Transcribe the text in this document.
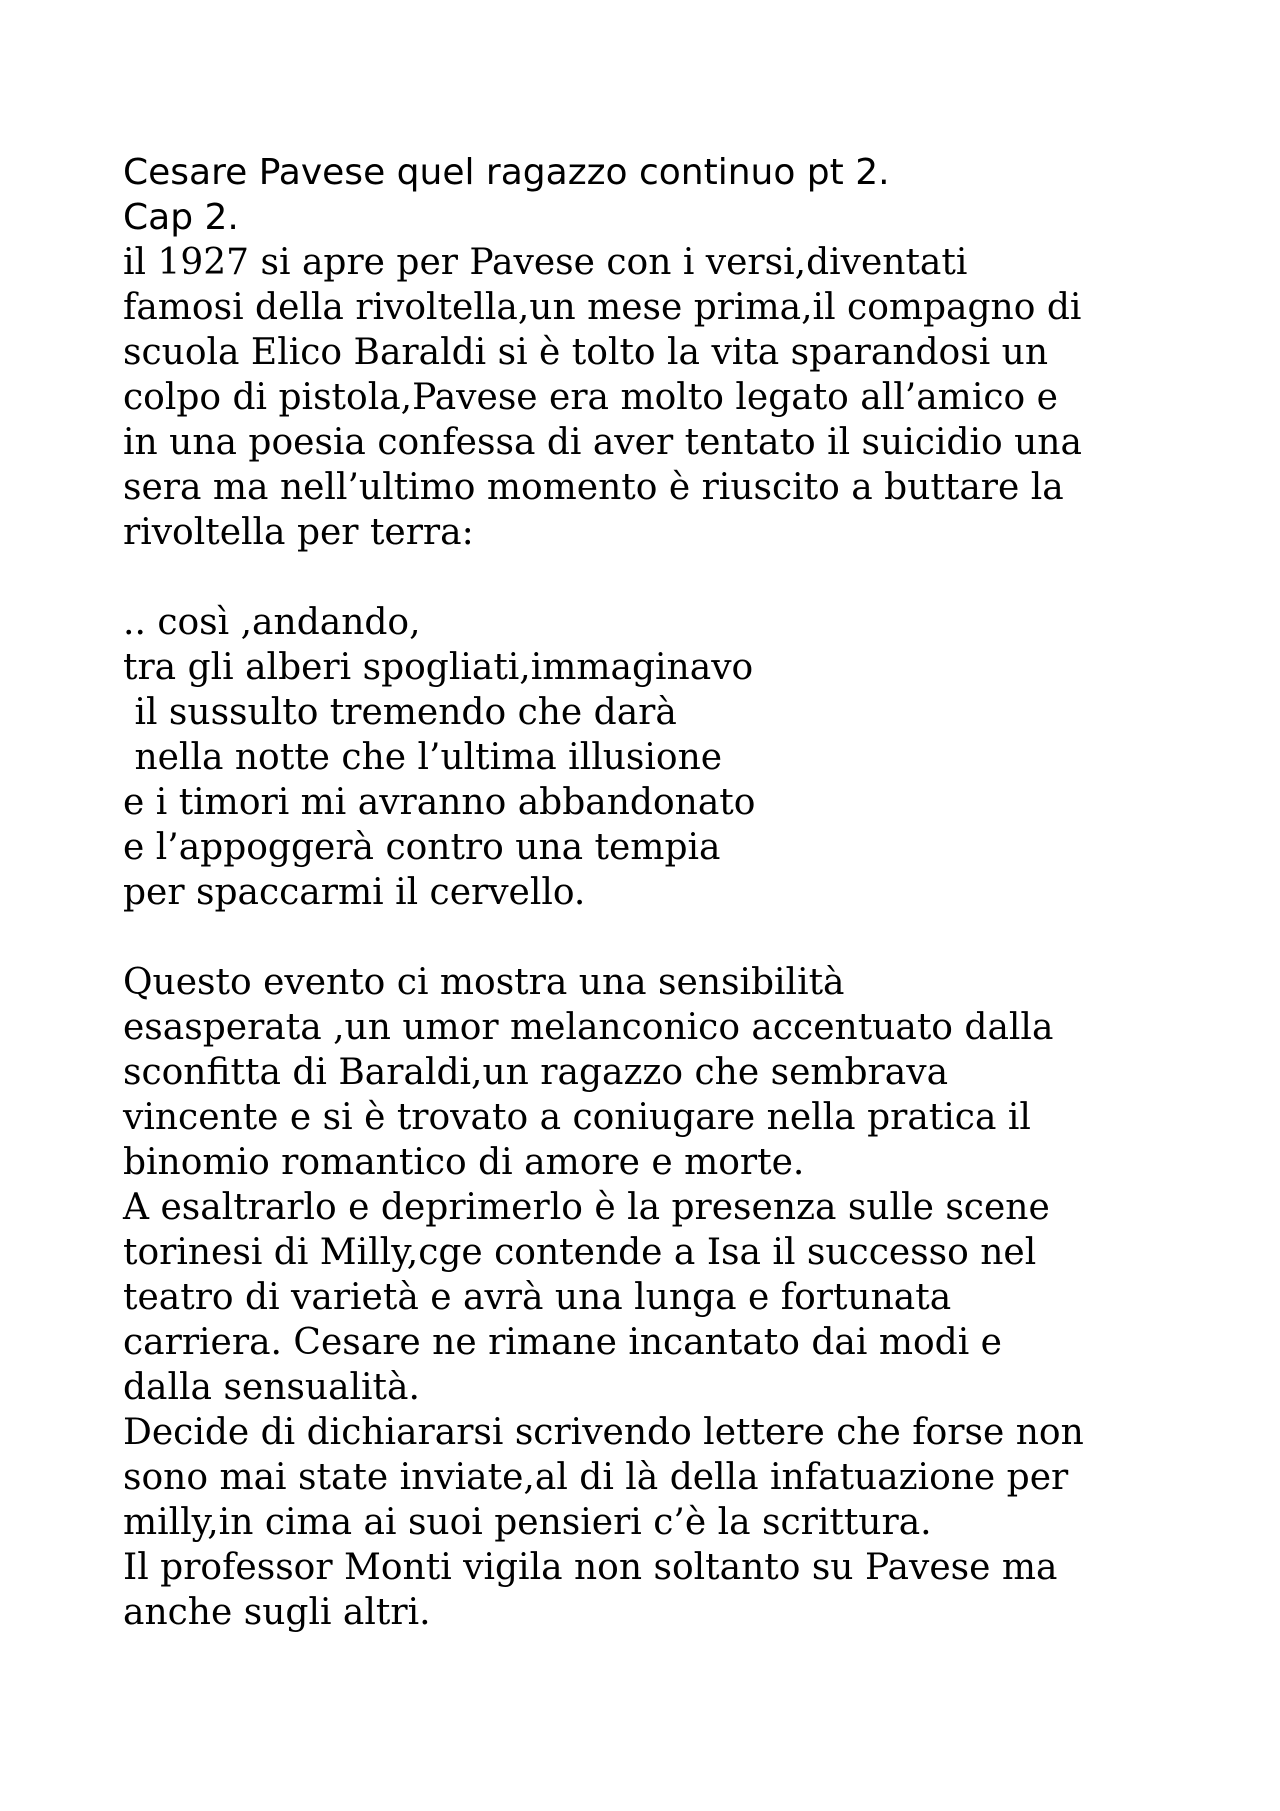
Cesare Pavese quel ragazzo continuo pt 2.
Cap 2.
il 1927 si apre per Pavese con i versi,diventati
famosi della rivoltella,un mese prima,il compagno di
scuola Elico Baraldi si è tolto la vita sparandosi un
colpo di pistola,Pavese era molto legato all’amico e
in una poesia confessa di aver tentato il suicidio una
sera ma nell’ultimo momento è riuscito a buttare la
rivoltella per terra:
.. così ,andando,
tra gli alberi spogliati,immaginavo
il sussulto tremendo che darà
nella notte che l’ultima illusione
e i timori mi avranno abbandonato
e l’appoggerà contro una tempia
per spaccarmi il cervello.
Questo evento ci mostra una sensibilità
esasperata ,un umor melanconico accentuato dalla
sconfitta di Baraldi,un ragazzo che sembrava
vincente e si è trovato a coniugare nella pratica il
binomio romantico di amore e morte.
A esaltrarlo e deprimerlo è la presenza sulle scene
torinesi di Milly,cge contende a Isa il successo nel
teatro di varietà e avrà una lunga e fortunata
carriera. Cesare ne rimane incantato dai modi e
dalla sensualità.
Decide di dichiararsi scrivendo lettere che forse non
sono mai state inviate,al di là della infatuazione per
milly,in cima ai suoi pensieri c’è la scrittura.
Il professor Monti vigila non soltanto su Pavese ma
anche sugli altri.
